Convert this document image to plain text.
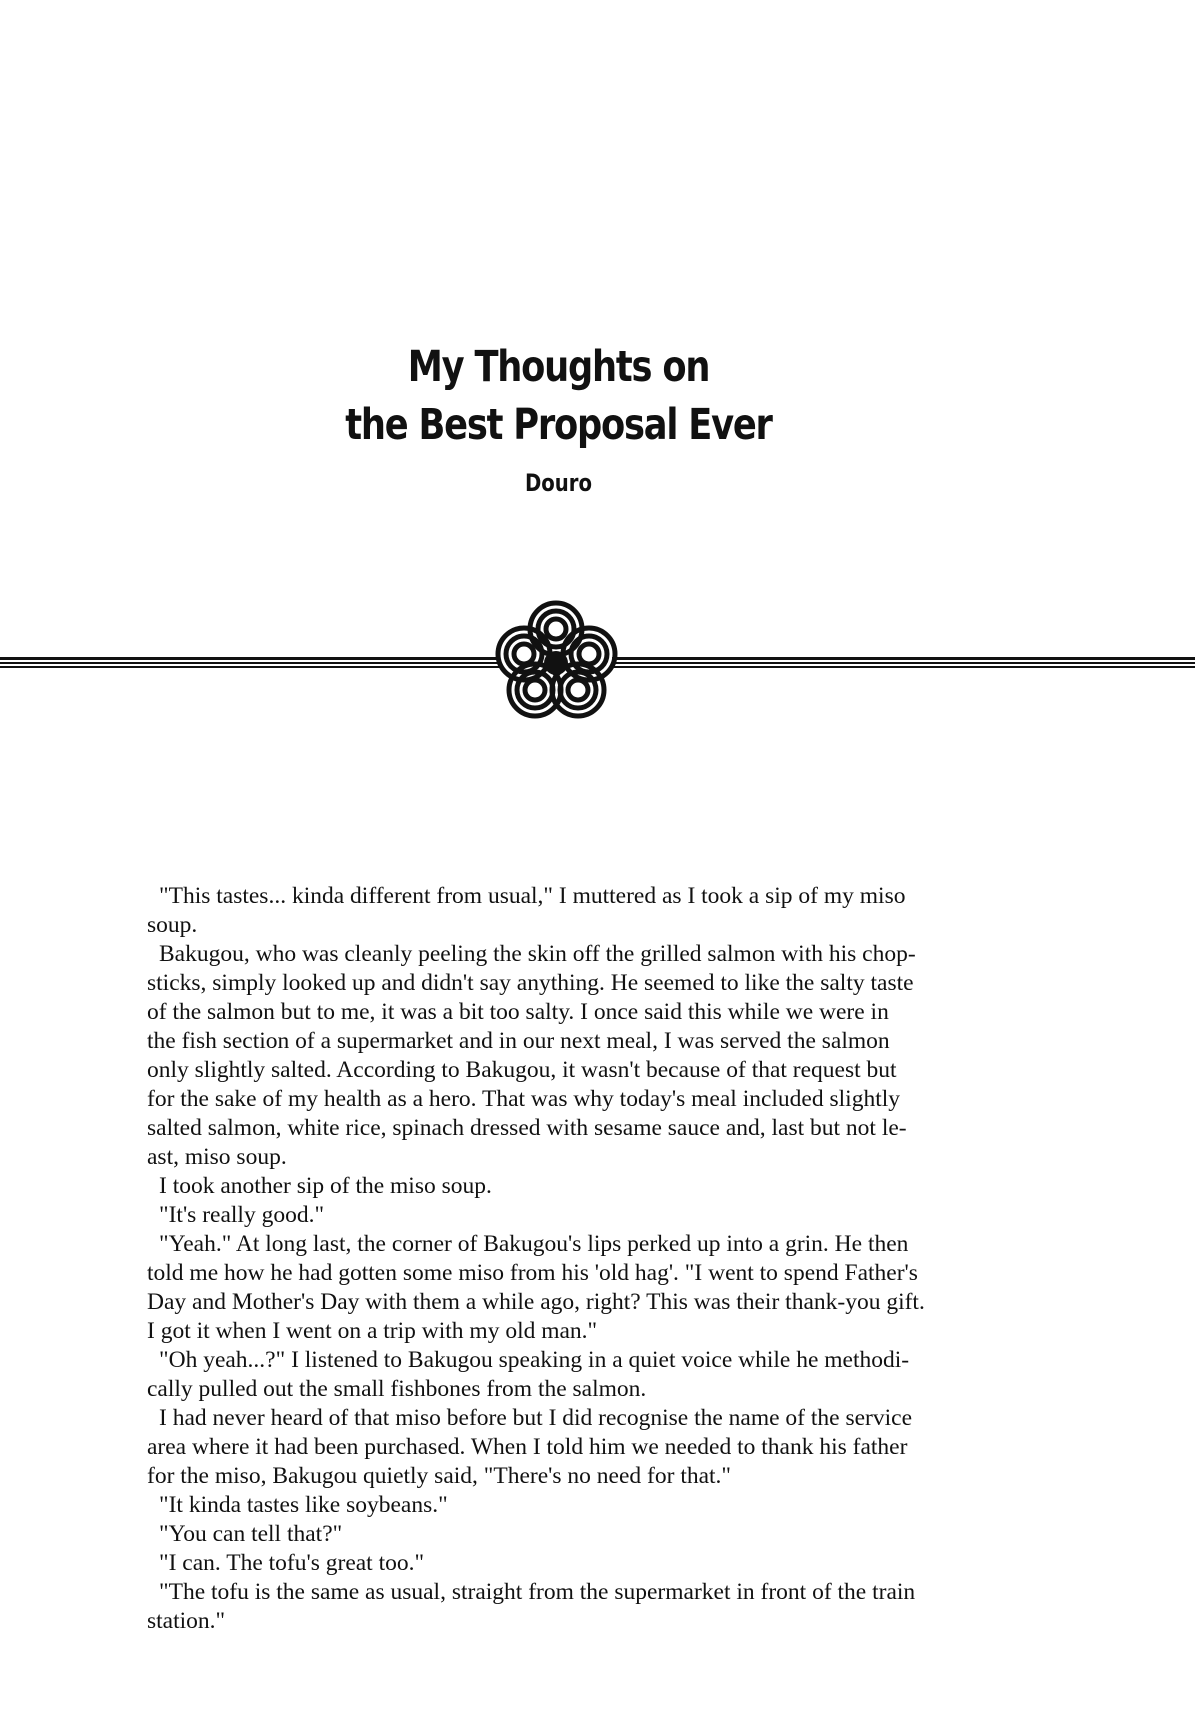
My Thoughts on
the Best Proposal Ever
Douro

"This tastes... kinda different from usual," I muttered as I took a sip of my miso
soup.

Bakugou, who was cleanly peeling the skin off the grilled salmon with his chop-
sticks, simply looked up and didn't say anything. He seemed to like the salty taste
of the salmon but to me, it was a bit too salty. I once said this while we were in
the fish section of a supermarket and in our next meal, I was served the salmon
only slightly salted. According to Bakugou, it wasn't because of that request but
for the sake of my health as a hero. That was why today's meal included slightly
salted salmon, white rice, spinach dressed with sesame sauce and, last but not le-
ast, miso soup.

I took another sip of the miso soup.

"It's really good."

"Yeah." At long last, the corner of Bakugou's lips perked up into a grin. He then
told me how he had gotten some miso from his 'old hag'. "I went to spend Father's
Day and Mother's Day with them a while ago, right? This was their thank-you gift.
I got it when I went on a trip with my old man."

"Oh yeah...?" I listened to Bakugou speaking in a quiet voice while he methodi-
cally pulled out the small fishbones from the salmon.

I had never heard of that miso before but I did recognise the name of the service
area where it had been purchased. When I told him we needed to thank his father
for the miso, Bakugou quietly said, "There's no need for that."

"It kinda tastes like soybeans."

"You can tell that?"

"I can. The tofu's great too."

"The tofu is the same as usual, straight from the supermarket in front of the train
station."
